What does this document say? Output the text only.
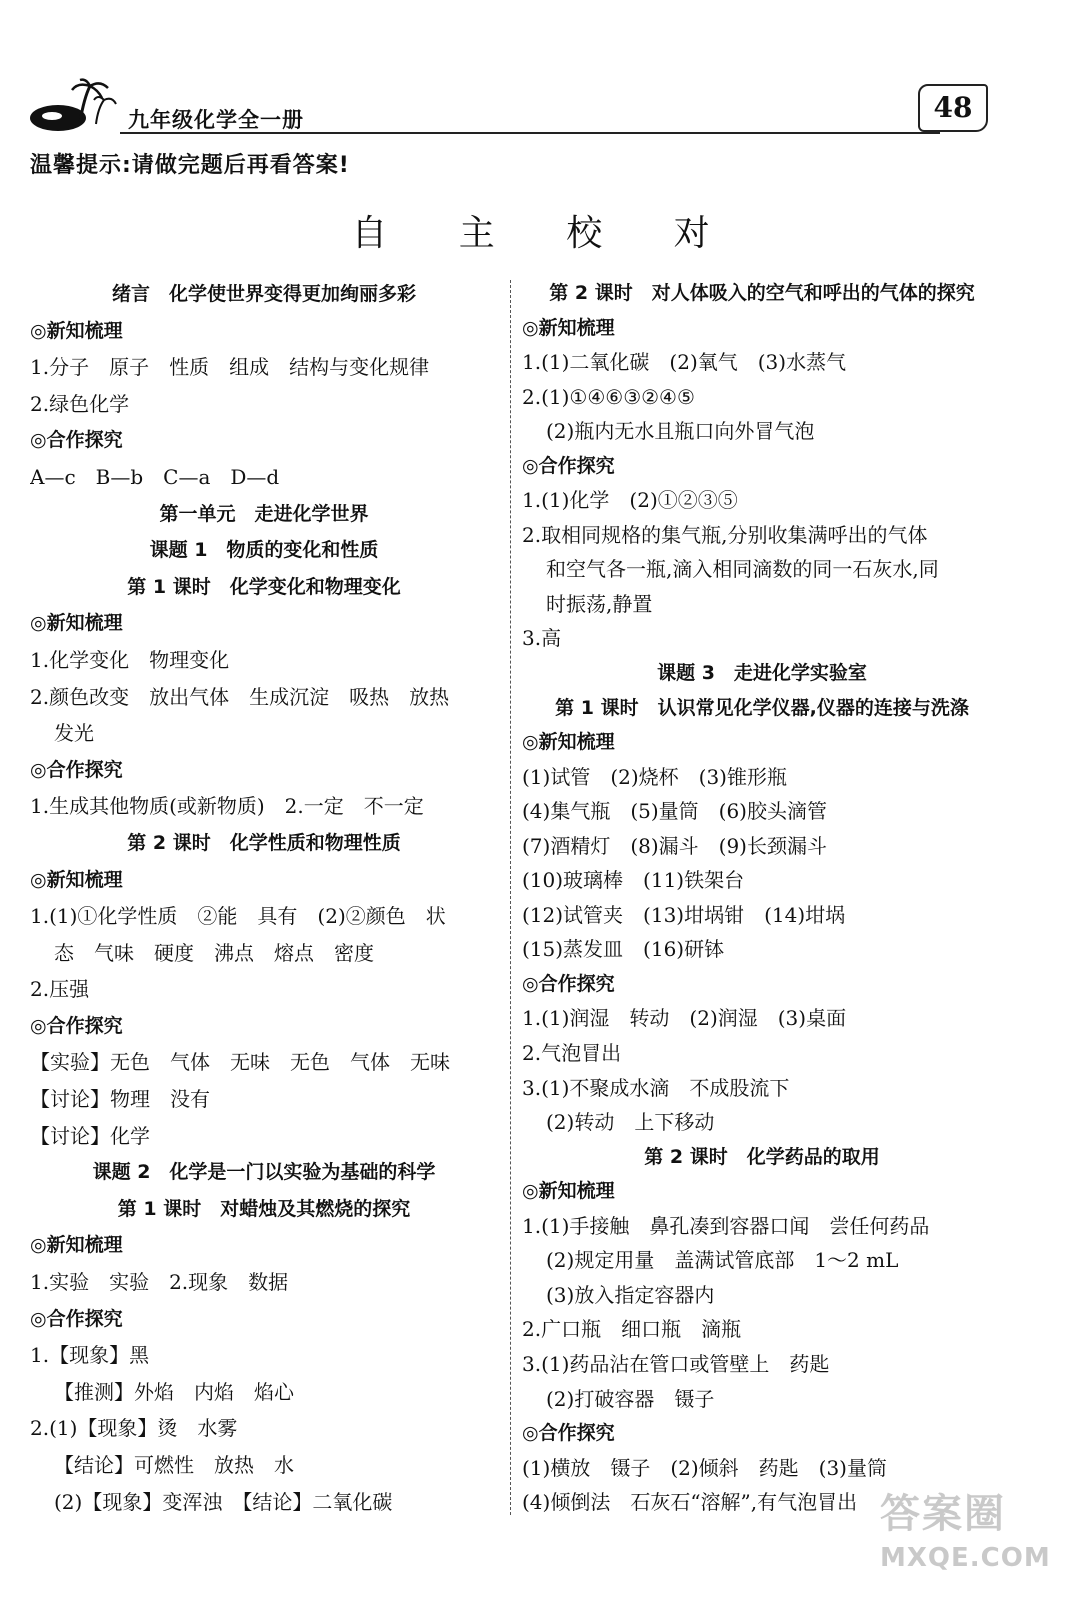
九年级化学全一册	48
温馨提示:请做完题后再看答案!
自 主 校 对
绪言　化学使世界变得更加绚丽多彩
◎新知梳理
1.分子　原子　性质　组成　结构与变化规律
2.绿色化学
◎合作探究
A—c　B—b　C—a　D—d
第一单元　走进化学世界
课题 1　物质的变化和性质
第 1 课时　化学变化和物理变化
◎新知梳理
1.化学变化　物理变化
2.颜色改变　放出气体　生成沉淀　吸热　放热
发光
◎合作探究
1.生成其他物质(或新物质)　2.一定　不一定
第 2 课时　化学性质和物理性质
◎新知梳理
1.(1)①化学性质　②能　具有　(2)②颜色　状
态　气味　硬度　沸点　熔点　密度
2.压强
◎合作探究
【实验】无色　气体　无味　无色　气体　无味
【讨论】物理　没有
【讨论】化学
课题 2　化学是一门以实验为基础的科学
第 1 课时　对蜡烛及其燃烧的探究
◎新知梳理
1.实验　实验　2.现象　数据
◎合作探究
1.【现象】黑
【推测】外焰　内焰　焰心
2.(1)【现象】烫　水雾
【结论】可燃性　放热　水
(2)【现象】变浑浊　【结论】二氧化碳
第 2 课时　对人体吸入的空气和呼出的气体的探究
◎新知梳理
1.(1)二氧化碳　(2)氧气　(3)水蒸气
2.(1)①④⑥③②④⑤
(2)瓶内无水且瓶口向外冒气泡
◎合作探究
1.(1)化学　(2)①②③⑤
2.取相同规格的集气瓶,分别收集满呼出的气体
和空气各一瓶,滴入相同滴数的同一石灰水,同
时振荡,静置
3.高
课题 3　走进化学实验室
第 1 课时　认识常见化学仪器,仪器的连接与洗涤
◎新知梳理
(1)试管　(2)烧杯　(3)锥形瓶
(4)集气瓶　(5)量筒　(6)胶头滴管
(7)酒精灯　(8)漏斗　(9)长颈漏斗
(10)玻璃棒　(11)铁架台
(12)试管夹　(13)坩埚钳　(14)坩埚
(15)蒸发皿　(16)研钵
◎合作探究
1.(1)润湿　转动　(2)润湿　(3)桌面
2.气泡冒出
3.(1)不聚成水滴　不成股流下
(2)转动　上下移动
第 2 课时　化学药品的取用
◎新知梳理
1.(1)手接触　鼻孔凑到容器口闻　尝任何药品
(2)规定用量　盖满试管底部　1～2 mL
(3)放入指定容器内
2.广口瓶　细口瓶　滴瓶
3.(1)药品沾在管口或管壁上　药匙
(2)打破容器　镊子
◎合作探究
(1)横放　镊子　(2)倾斜　药匙　(3)量筒
(4)倾倒法　石灰石“溶解”,有气泡冒出 答案圈
MXQE.COM
